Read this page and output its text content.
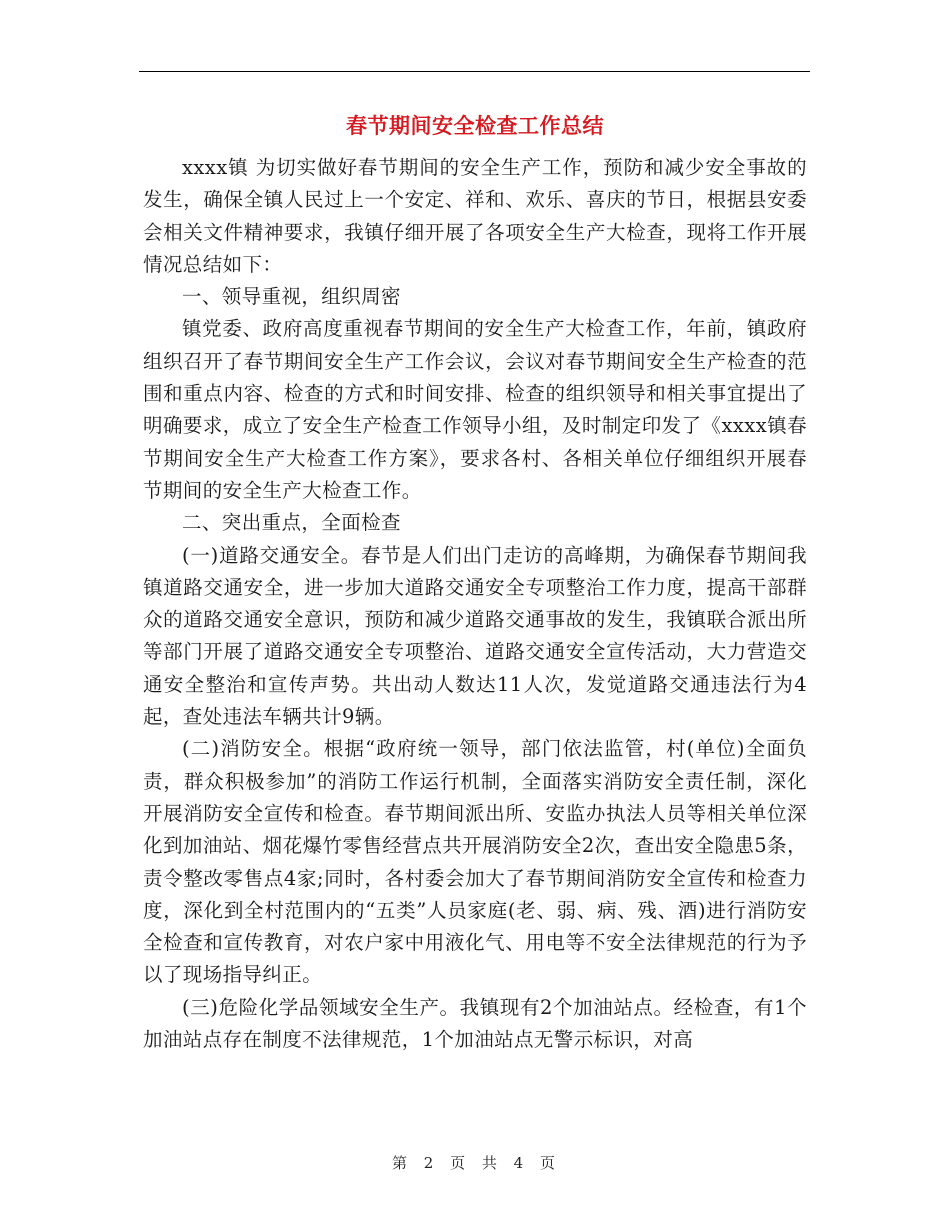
春节期间安全检查工作总结

xxxx镇 为切实做好春节期间的安全生产工作，预防和减少安全事故的发生，确保全镇人民过上一个安定、祥和、欢乐、喜庆的节日，根据县安委会相关文件精神要求，我镇仔细开展了各项安全生产大检查，现将工作开展情况总结如下：

一、领导重视，组织周密

镇党委、政府高度重视春节期间的安全生产大检查工作，年前，镇政府组织召开了春节期间安全生产工作会议，会议对春节期间安全生产检查的范围和重点内容、检查的方式和时间安排、检查的组织领导和相关事宜提出了明确要求，成立了安全生产检查工作领导小组，及时制定印发了《xxxx镇春节期间安全生产大检查工作方案》，要求各村、各相关单位仔细组织开展春节期间的安全生产大检查工作。

二、突出重点，全面检查

(一)道路交通安全。春节是人们出门走访的高峰期，为确保春节期间我镇道路交通安全，进一步加大道路交通安全专项整治工作力度，提高干部群众的道路交通安全意识，预防和减少道路交通事故的发生，我镇联合派出所等部门开展了道路交通安全专项整治、道路交通安全宣传活动，大力营造交通安全整治和宣传声势。共出动人数达11人次，发觉道路交通违法行为4起，查处违法车辆共计9辆。

(二)消防安全。根据“政府统一领导，部门依法监管，村(单位)全面负责，群众积极参加”的消防工作运行机制，全面落实消防安全责任制，深化开展消防安全宣传和检查。春节期间派出所、安监办执法人员等相关单位深化到加油站、烟花爆竹零售经营点共开展消防安全2次，查出安全隐患5条，责令整改零售点4家;同时，各村委会加大了春节期间消防安全宣传和检查力度，深化到全村范围内的“五类”人员家庭(老、弱、病、残、酒)进行消防安全检查和宣传教育，对农户家中用液化气、用电等不安全法律规范的行为予以了现场指导纠正。

(三)危险化学品领域安全生产。我镇现有2个加油站点。经检查，有1个加油站点存在制度不法律规范，1个加油站点无警示标识，对高

第 2 页 共 4 页
